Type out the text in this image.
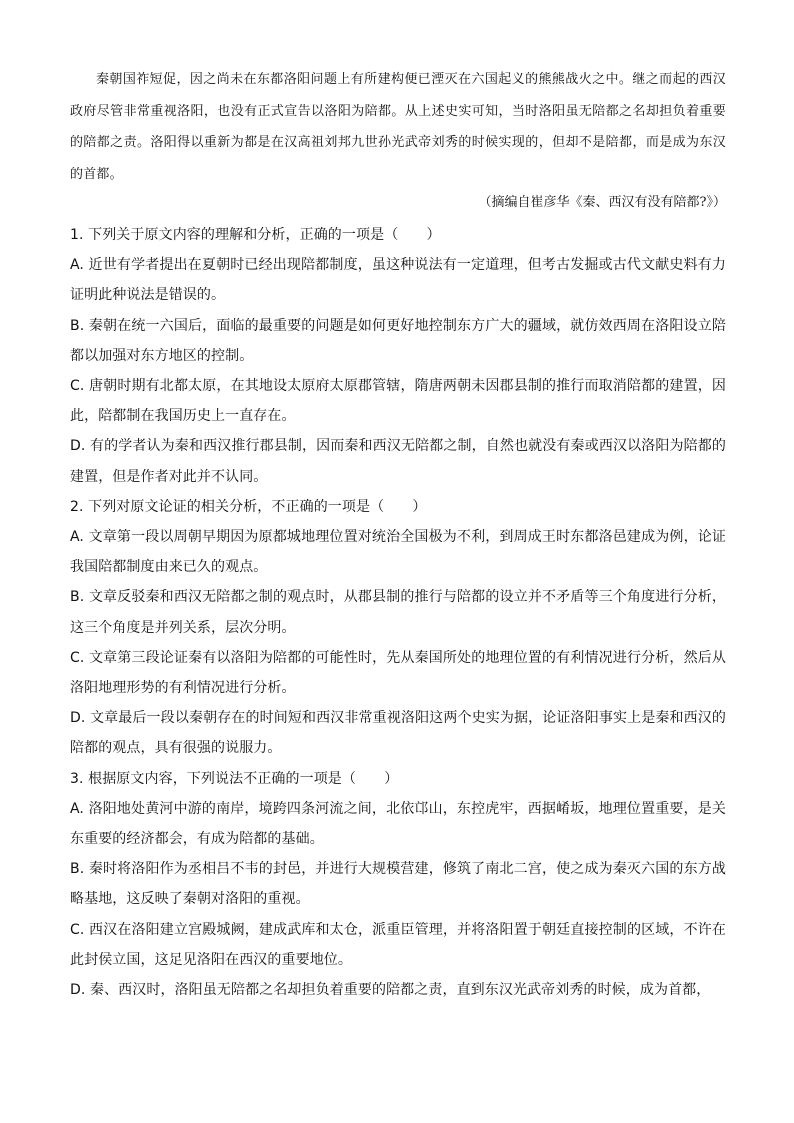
秦朝国祚短促，因之尚未在东都洛阳问题上有所建构便已湮灭在六国起义的熊熊战火之中。继之而起的西汉政府尽管非常重视洛阳，也没有正式宣告以洛阳为陪都。从上述史实可知，当时洛阳虽无陪都之名却担负着重要的陪都之责。洛阳得以重新为都是在汉高祖刘邦九世孙光武帝刘秀的时候实现的，但却不是陪都，而是成为东汉的首都。

（摘编自崔彦华《秦、西汉有没有陪都?》）

1. 下列关于原文内容的理解和分析，正确的一项是（　　）

A. 近世有学者提出在夏朝时已经出现陪都制度，虽这种说法有一定道理，但考古发掘或古代文献史料有力证明此种说法是错误的。

B. 秦朝在统一六国后，面临的最重要的问题是如何更好地控制东方广大的疆域，就仿效西周在洛阳设立陪都以加强对东方地区的控制。

C. 唐朝时期有北都太原，在其地设太原府太原郡管辖，隋唐两朝未因郡县制的推行而取消陪都的建置，因此，陪都制在我国历史上一直存在。

D. 有的学者认为秦和西汉推行郡县制，因而秦和西汉无陪都之制，自然也就没有秦或西汉以洛阳为陪都的建置，但是作者对此并不认同。

2. 下列对原文论证的相关分析，不正确的一项是（　　）

A. 文章第一段以周朝早期因为原都城地理位置对统治全国极为不利，到周成王时东都洛邑建成为例，论证我国陪都制度由来已久的观点。

B. 文章反驳秦和西汉无陪都之制的观点时，从郡县制的推行与陪都的设立并不矛盾等三个角度进行分析，这三个角度是并列关系，层次分明。

C. 文章第三段论证秦有以洛阳为陪都的可能性时，先从秦国所处的地理位置的有利情况进行分析，然后从洛阳地理形势的有利情况进行分析。

D. 文章最后一段以秦朝存在的时间短和西汉非常重视洛阳这两个史实为据，论证洛阳事实上是秦和西汉的陪都的观点，具有很强的说服力。

3. 根据原文内容，下列说法不正确的一项是（　　）

A. 洛阳地处黄河中游的南岸，境跨四条河流之间，北依邙山，东控虎牢，西据崤坂，地理位置重要，是关东重要的经济都会，有成为陪都的基础。

B. 秦时将洛阳作为丞相吕不韦的封邑，并进行大规模营建，修筑了南北二宫，使之成为秦灭六国的东方战略基地，这反映了秦朝对洛阳的重视。

C. 西汉在洛阳建立宫殿城阙，建成武库和太仓，派重臣管理，并将洛阳置于朝廷直接控制的区域，不许在此封侯立国，这足见洛阳在西汉的重要地位。

D. 秦、西汉时，洛阳虽无陪都之名却担负着重要的陪都之责，直到东汉光武帝刘秀的时候，成为首都，
